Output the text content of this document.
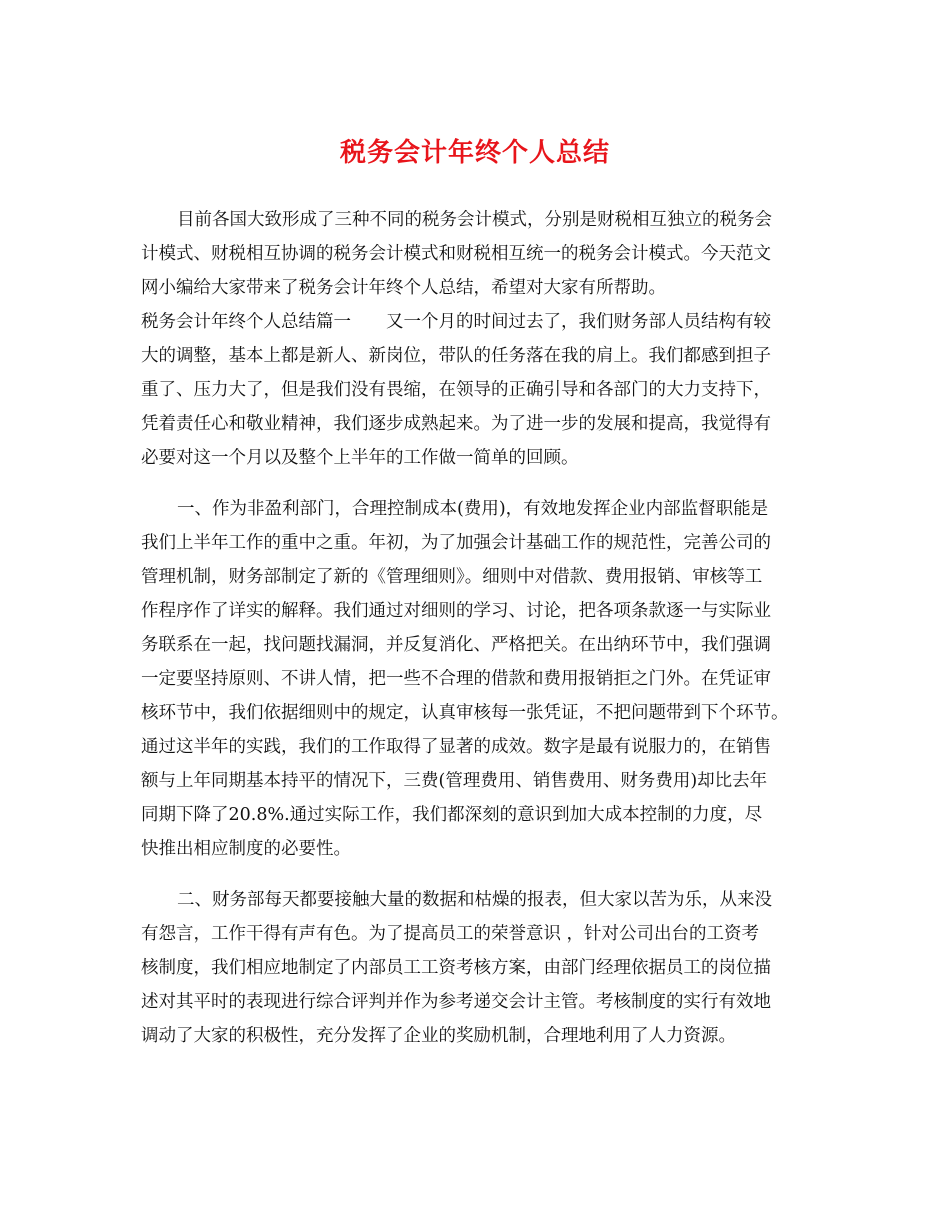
税务会计年终个人总结
目前各国大致形成了三种不同的税务会计模式，分别是财税相互独立的税务会
计模式、财税相互协调的税务会计模式和财税相互统一的税务会计模式。今天范文
网小编给大家带来了税务会计年终个人总结，希望对大家有所帮助。
税务会计年终个人总结篇一　　又一个月的时间过去了，我们财务部人员结构有较
大的调整，基本上都是新人、新岗位，带队的任务落在我的肩上。我们都感到担子
重了、压力大了，但是我们没有畏缩，在领导的正确引导和各部门的大力支持下，
凭着责任心和敬业精神，我们逐步成熟起来。为了进一步的发展和提高，我觉得有
必要对这一个月以及整个上半年的工作做一简单的回顾。
一、作为非盈利部门，合理控制成本(费用)，有效地发挥企业内部监督职能是
我们上半年工作的重中之重。年初，为了加强会计基础工作的规范性，完善公司的
管理机制，财务部制定了新的《管理细则》。细则中对借款、费用报销、审核等工
作程序作了详实的解释。我们通过对细则的学习、讨论，把各项条款逐一与实际业
务联系在一起，找问题找漏洞，并反复消化、严格把关。在出纳环节中，我们强调
一定要坚持原则、不讲人情，把一些不合理的借款和费用报销拒之门外。在凭证审
核环节中，我们依据细则中的规定，认真审核每一张凭证，不把问题带到下个环节。
通过这半年的实践，我们的工作取得了显著的成效。数字是最有说服力的，在销售
额与上年同期基本持平的情况下，三费(管理费用、销售费用、财务费用)却比去年
同期下降了20.8%.通过实际工作，我们都深刻的意识到加大成本控制的力度，尽
快推出相应制度的必要性。
二、财务部每天都要接触大量的数据和枯燥的报表，但大家以苦为乐，从来没
有怨言，工作干得有声有色。为了提高员工的荣誉意识 ，针对公司出台的工资考
核制度，我们相应地制定了内部员工工资考核方案，由部门经理依据员工的岗位描
述对其平时的表现进行综合评判并作为参考递交会计主管。考核制度的实行有效地
调动了大家的积极性，充分发挥了企业的奖励机制，合理地利用了人力资源。
